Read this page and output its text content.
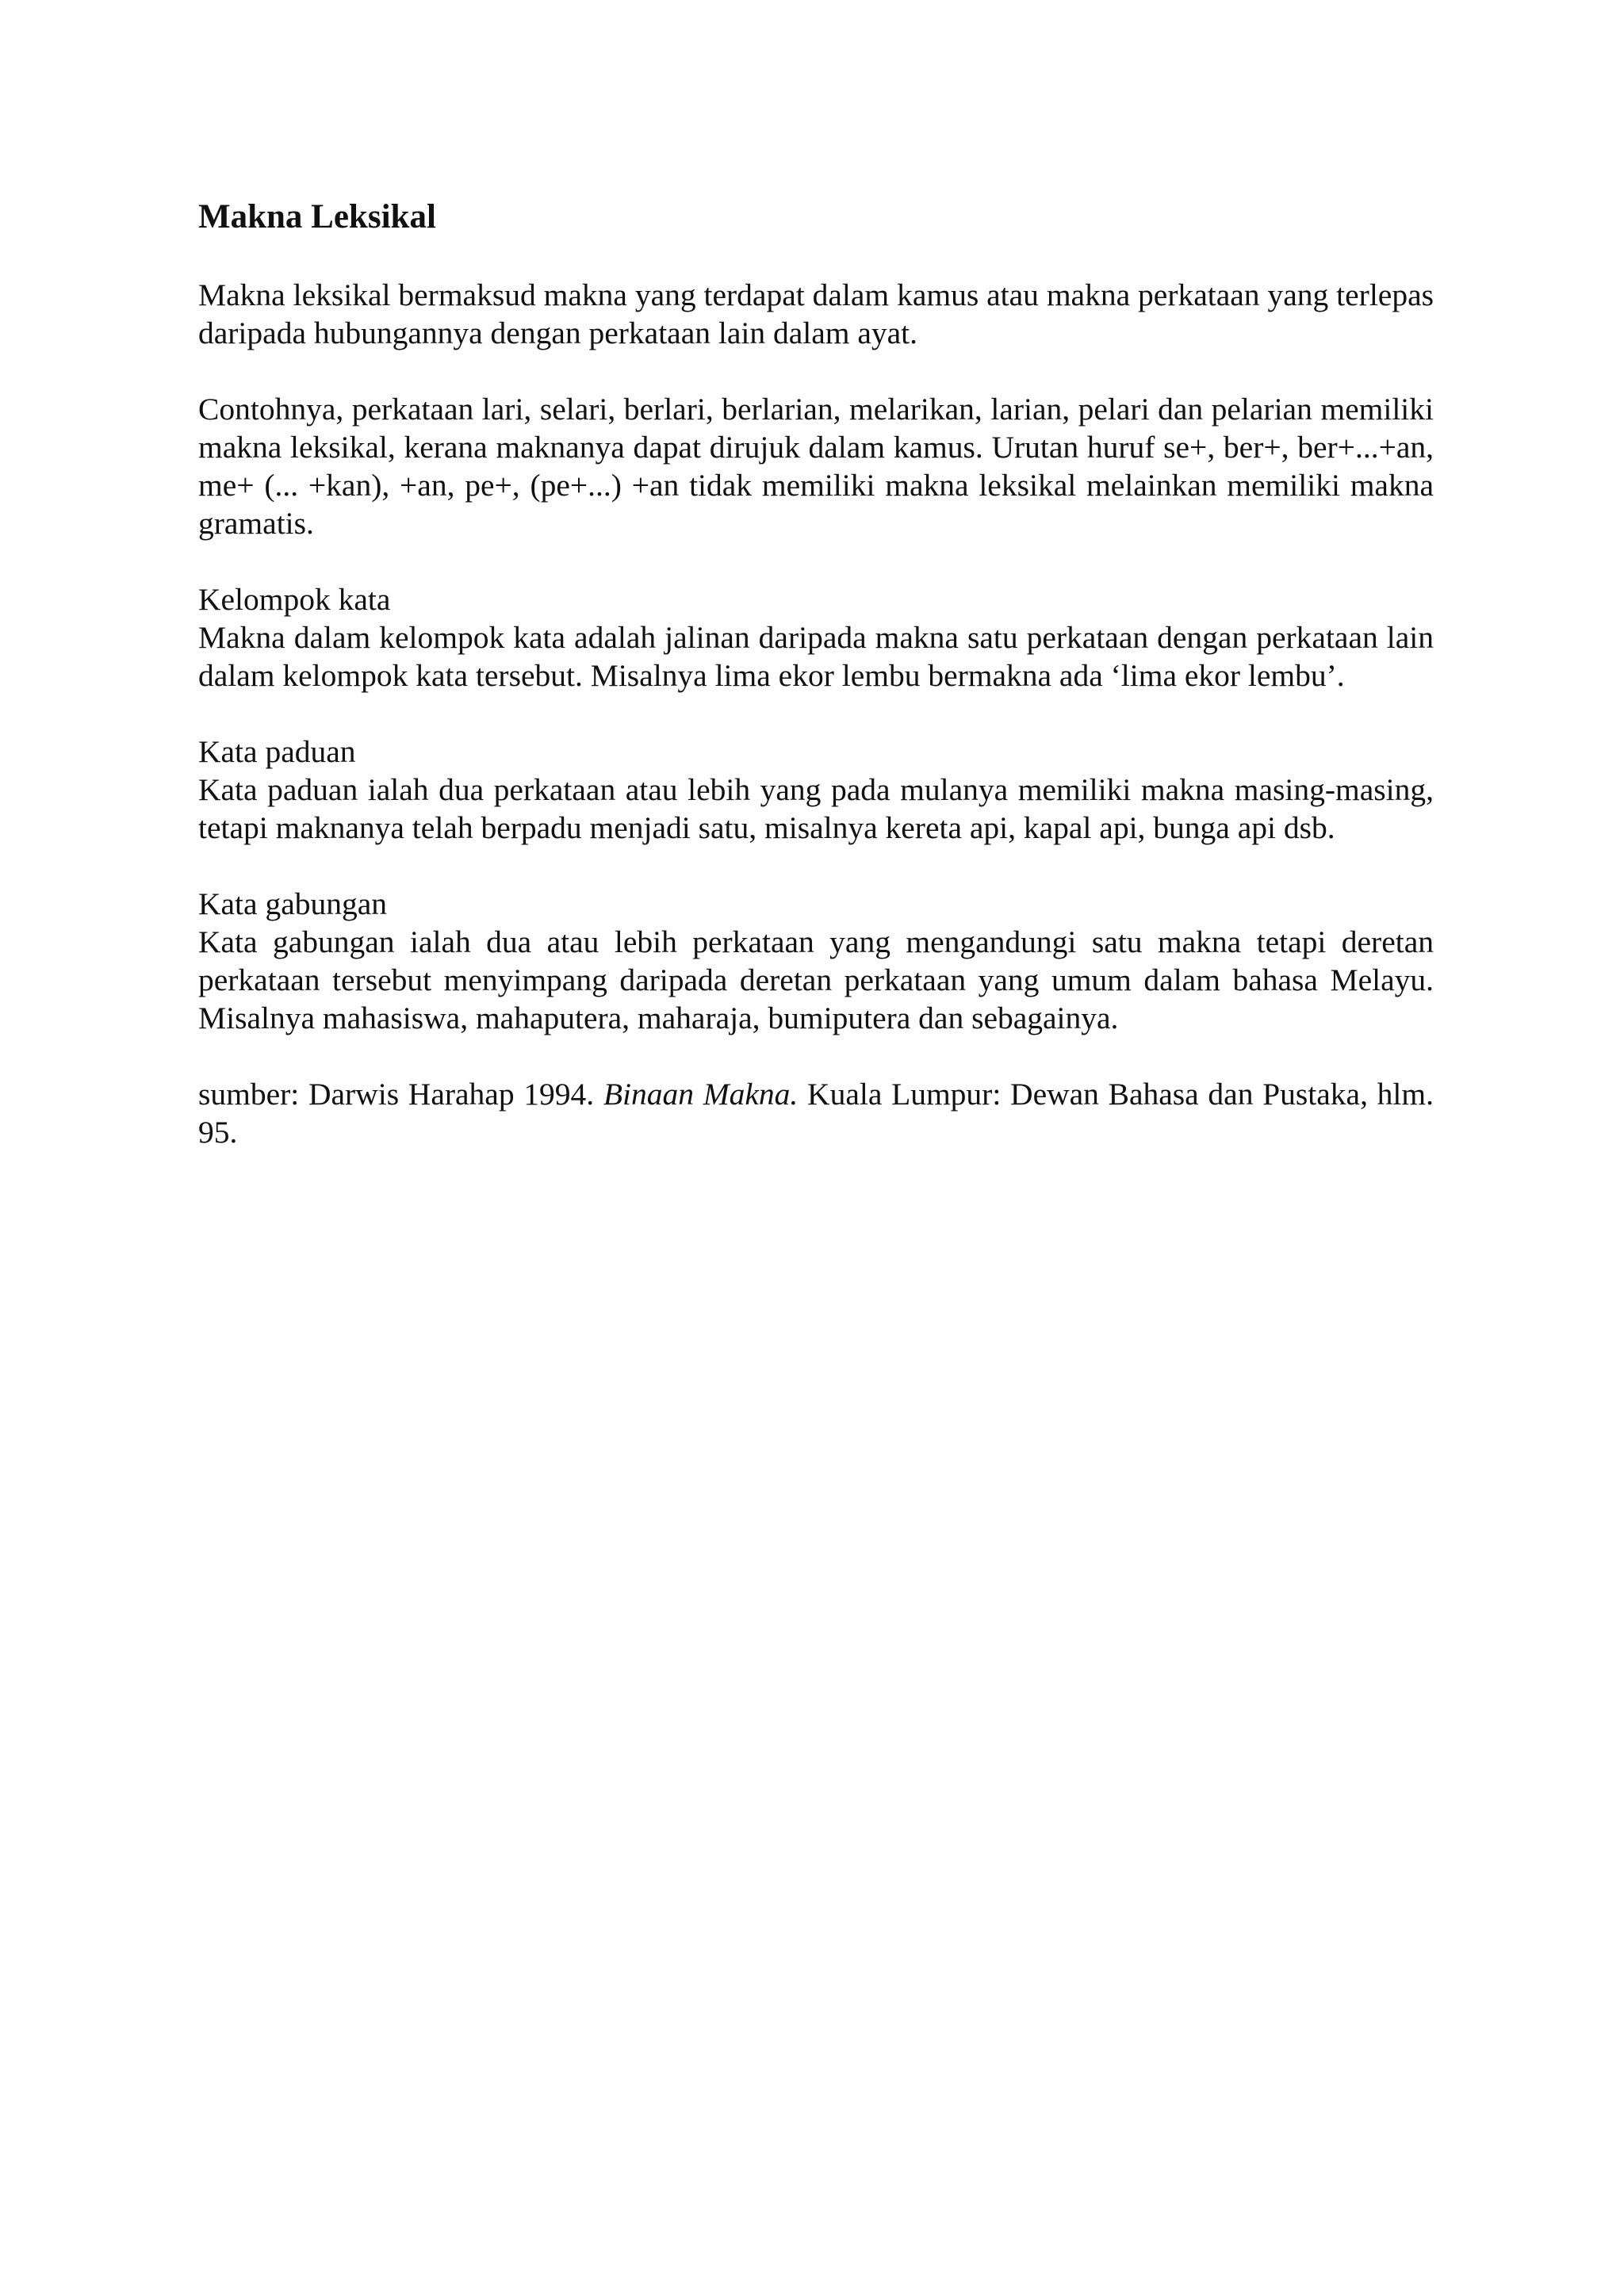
Makna Leksikal

Makna leksikal bermaksud makna yang terdapat dalam kamus atau makna perkataan yang terlepas daripada hubungannya dengan perkataan lain dalam ayat.

Contohnya, perkataan lari, selari, berlari, berlarian, melarikan, larian, pelari dan pelarian memiliki makna leksikal, kerana maknanya dapat dirujuk dalam kamus. Urutan huruf se+, ber+, ber+...+an, me+ (... +kan), +an, pe+, (pe+...) +an tidak memiliki makna leksikal melainkan memiliki makna gramatis.

Kelompok kata
Makna dalam kelompok kata adalah jalinan daripada makna satu perkataan dengan perkataan lain dalam kelompok kata tersebut. Misalnya lima ekor lembu bermakna ada ‘lima ekor lembu’.
Kata paduan
Kata paduan ialah dua perkataan atau lebih yang pada mulanya memiliki makna masing-masing, tetapi maknanya telah berpadu menjadi satu, misalnya kereta api, kapal api, bunga api dsb.
Kata gabungan
Kata gabungan ialah dua atau lebih perkataan yang mengandungi satu makna tetapi deretan perkataan tersebut menyimpang daripada deretan perkataan yang umum dalam bahasa Melayu. Misalnya mahasiswa, mahaputera, maharaja, bumiputera dan sebagainya.

sumber: Darwis Harahap 1994. Binaan Makna. Kuala Lumpur: Dewan Bahasa dan Pustaka, hlm. 95.
